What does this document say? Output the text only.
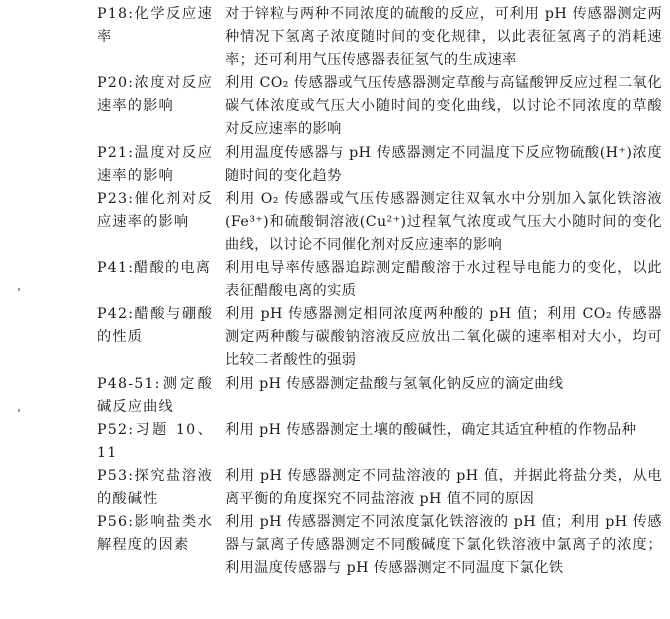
P18:化学反应速率	对于锌粒与两种不同浓度的硫酸的反应，可利用 pH 传感器测定两种情况下氢离子浓度随时间的变化规律，以此表征氢离子的消耗速率；还可利用气压传感器表征氢气的生成速率
P20:浓度对反应速率的影响	利用 CO₂ 传感器或气压传感器测定草酸与高锰酸钾反应过程二氧化碳气体浓度或气压大小随时间的变化曲线，以讨论不同浓度的草酸对反应速率的影响
P21:温度对反应速率的影响	利用温度传感器与 pH 传感器测定不同温度下反应物硫酸(H⁺)浓度随时间的变化趋势
P23:催化剂对反应速率的影响	利用 O₂ 传感器或气压传感器测定往双氧水中分别加入氯化铁溶液(Fe³⁺)和硫酸铜溶液(Cu²⁺)过程氧气浓度或气压大小随时间的变化曲线，以讨论不同催化剂对反应速率的影响
P41:醋酸的电离	利用电导率传感器追踪测定醋酸溶于水过程导电能力的变化，以此表征醋酸电离的实质
P42:醋酸与硼酸的性质	利用 pH 传感器测定相同浓度两种酸的 pH 值；利用 CO₂ 传感器测定两种酸与碳酸钠溶液反应放出二氧化碳的速率相对大小，均可比较二者酸性的强弱
P48-51:测定酸碱反应曲线	利用 pH 传感器测定盐酸与氢氧化钠反应的滴定曲线
P52:习题 10、11	利用 pH 传感器测定土壤的酸碱性，确定其适宜种植的作物品种
P53:探究盐溶液的酸碱性	利用 pH 传感器测定不同盐溶液的 pH 值，并据此将盐分类，从电离平衡的角度探究不同盐溶液 pH 值不同的原因
P56:影响盐类水解程度的因素	利用 pH 传感器测定不同浓度氯化铁溶液的 pH 值；利用 pH 传感器与氯离子传感器测定不同酸碱度下氯化铁溶液中氯离子的浓度；利用温度传感器与 pH 传感器测定不同温度下氯化铁
